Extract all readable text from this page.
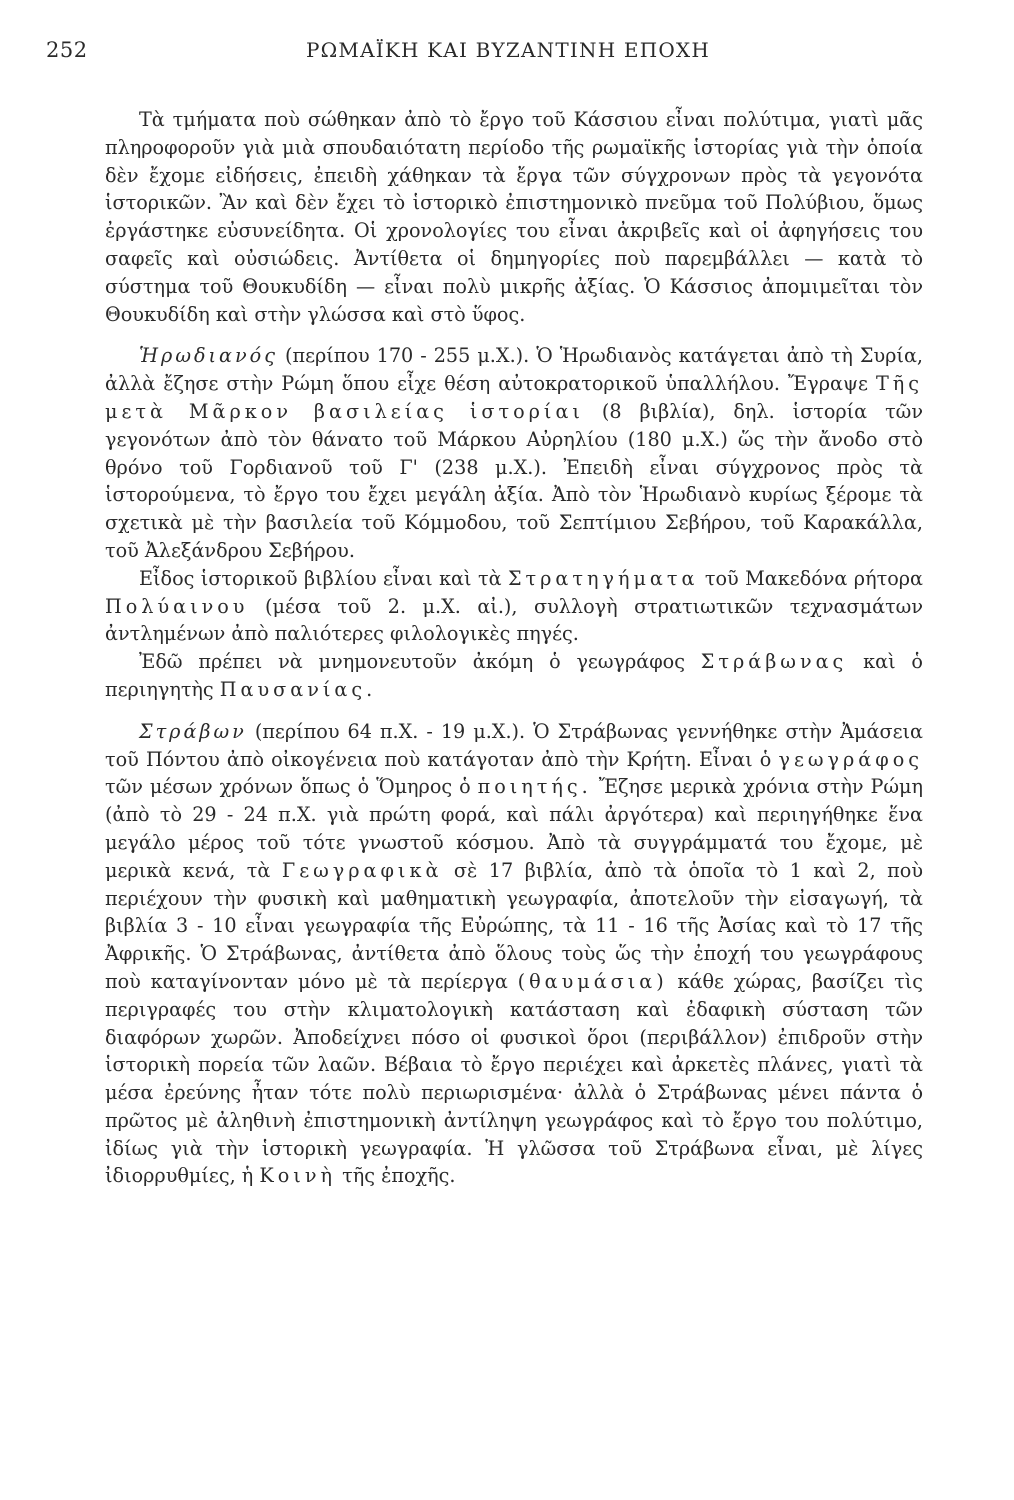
252	ΡΩΜΑΪΚΗ ΚΑΙ ΒΥΖΑΝΤΙΝΗ ΕΠΟΧΗ

Τὰ τμήματα ποὺ σώθηκαν ἀπὸ τὸ ἔργο τοῦ Κάσσιου εἶναι πολύτιμα, γιατὶ μᾶς πληροφοροῦν γιὰ μιὰ σπουδαιότατη περίοδο τῆς ρωμαϊκῆς ἱστορίας γιὰ τὴν ὁποία δὲν ἔχομε εἰδήσεις, ἐπειδὴ χάθηκαν τὰ ἔργα τῶν σύγχρονων πρὸς τὰ γεγονότα ἱστορικῶν. Ἂν καὶ δὲν ἔχει τὸ ἱστορικὸ ἐπιστημονικὸ πνεῦμα τοῦ Πολύβιου, ὅμως ἐργάστηκε εὐσυνείδητα. Οἱ χρονολογίες του εἶναι ἀκριβεῖς καὶ οἱ ἀφηγήσεις του σαφεῖς καὶ οὐσιώδεις. Ἀντίθετα οἱ δημηγορίες ποὺ παρεμβάλλει — κατὰ τὸ σύστημα τοῦ Θουκυδίδη — εἶναι πολὺ μικρῆς ἀξίας. Ὁ Κάσσιος ἀπομιμεῖται τὸν Θουκυδίδη καὶ στὴν γλώσσα καὶ στὸ ὕφος.

Ἡρωδιανός (περίπου 170 - 255 μ.Χ.). Ὁ Ἡρωδιανὸς κατάγεται ἀπὸ τὴ Συρία, ἀλλὰ ἔζησε στὴν Ρώμη ὅπου εἶχε θέση αὐτοκρατορικοῦ ὑπαλλήλου. Ἔγραψε Τῆς μετὰ Μᾶρκον βασιλείας ἱστορίαι (8 βιβλία), δηλ. ἱστορία τῶν γεγονότων ἀπὸ τὸν θάνατο τοῦ Μάρκου Αὐρηλίου (180 μ.Χ.) ὥς τὴν ἄνοδο στὸ θρόνο τοῦ Γορδιανοῦ τοῦ Γ' (238 μ.Χ.). Ἐπειδὴ εἶναι σύγχρονος πρὸς τὰ ἱστορούμενα, τὸ ἔργο του ἔχει μεγάλη ἀξία. Ἀπὸ τὸν Ἡρωδιανὸ κυρίως ξέρομε τὰ σχετικὰ μὲ τὴν βασιλεία τοῦ Κόμμοδου, τοῦ Σεπτίμιου Σεβήρου, τοῦ Καρακάλλα, τοῦ Ἀλεξάνδρου Σεβήρου.

Εἶδος ἱστορικοῦ βιβλίου εἶναι καὶ τὰ Στρατηγήματα τοῦ Μακεδόνα ρήτορα Πολύαινου (μέσα τοῦ 2. μ.Χ. αἰ.), συλλογὴ στρατιωτικῶν τεχνασμάτων ἀντλημένων ἀπὸ παλιότερες φιλολογικὲς πηγές.

Ἐδῶ πρέπει νὰ μνημονευτοῦν ἀκόμη ὁ γεωγράφος Στράβωνας καὶ ὁ περιηγητὴς Παυσανίας.

Στράβων (περίπου 64 π.Χ. - 19 μ.Χ.). Ὁ Στράβωνας γεννήθηκε στὴν Ἀμάσεια τοῦ Πόντου ἀπὸ οἰκογένεια ποὺ κατάγοταν ἀπὸ τὴν Κρήτη. Εἶναι ὁ γεωγράφος τῶν μέσων χρόνων ὅπως ὁ Ὅμηρος ὁ ποιητής. Ἔζησε μερικὰ χρόνια στὴν Ρώμη (ἀπὸ τὸ 29 - 24 π.Χ. γιὰ πρώτη φορά, καὶ πάλι ἀργότερα) καὶ περιηγήθηκε ἕνα μεγάλο μέρος τοῦ τότε γνωστοῦ κόσμου. Ἀπὸ τὰ συγγράμματά του ἔχομε, μὲ μερικὰ κενά, τὰ Γεωγραφικὰ σὲ 17 βιβλία, ἀπὸ τὰ ὁποῖα τὸ 1 καὶ 2, ποὺ περιέχουν τὴν φυσικὴ καὶ μαθηματικὴ γεωγραφία, ἀποτελοῦν τὴν εἰσαγωγή, τὰ βιβλία 3 - 10 εἶναι γεωγραφία τῆς Εὐρώπης, τὰ 11 - 16 τῆς Ἀσίας καὶ τὸ 17 τῆς Ἀφρικῆς. Ὁ Στράβωνας, ἀντίθετα ἀπὸ ὅλους τοὺς ὥς τὴν ἐποχή του γεωγράφους ποὺ καταγίνονταν μόνο μὲ τὰ περίεργα (θαυμάσια) κάθε χώρας, βασίζει τὶς περιγραφές του στὴν κλιματολογικὴ κατάσταση καὶ ἐδαφικὴ σύσταση τῶν διαφόρων χωρῶν. Ἀποδείχνει πόσο οἱ φυσικοὶ ὅροι (περιβάλλον) ἐπιδροῦν στὴν ἱστορικὴ πορεία τῶν λαῶν. Βέβαια τὸ ἔργο περιέχει καὶ ἀρκετὲς πλάνες, γιατὶ τὰ μέσα ἐρεύνης ἦταν τότε πολὺ περιωρισμένα· ἀλλὰ ὁ Στράβωνας μένει πάντα ὁ πρῶτος μὲ ἀληθινὴ ἐπιστημονικὴ ἀντίληψη γεωγράφος καὶ τὸ ἔργο του πολύτιμο, ἰδίως γιὰ τὴν ἱστορικὴ γεωγραφία. Ἡ γλῶσσα τοῦ Στράβωνα εἶναι, μὲ λίγες ἰδιορρυθμίες, ἡ Κοινὴ τῆς ἐποχῆς.
